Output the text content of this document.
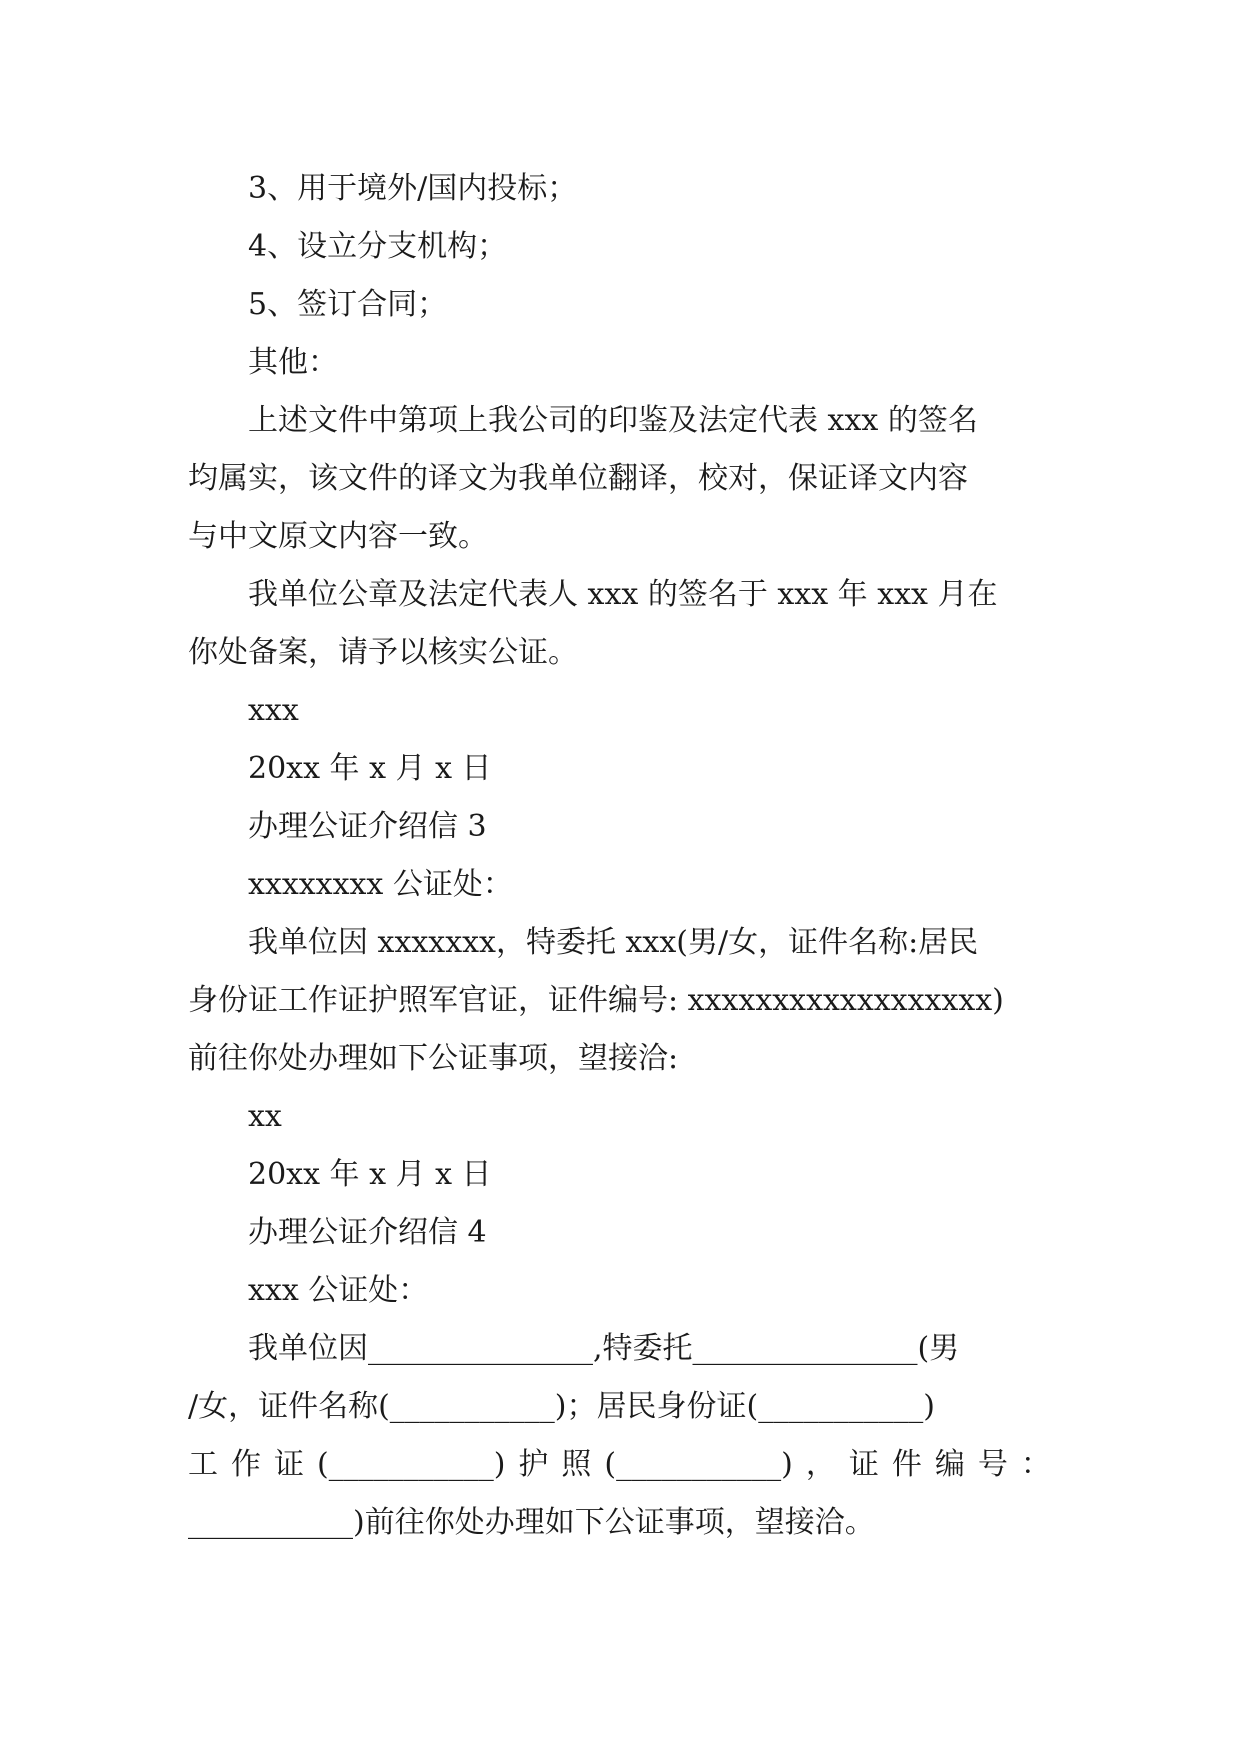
3、用于境外/国内投标；
4、设立分支机构；
5、签订合同；
其他：
上述文件中第项上我公司的印鉴及法定代表 xxx 的签名
均属实，该文件的译文为我单位翻译，校对，保证译文内容
与中文原文内容一致。
我单位公章及法定代表人 xxx 的签名于 xxx 年 xxx 月在
你处备案，请予以核实公证。
xxx
20xx 年 x 月 x 日
办理公证介绍信 3
xxxxxxxx 公证处：
我单位因 xxxxxxx，特委托 xxx(男/女，证件名称:居民
身份证工作证护照军官证，证件编号: xxxxxxxxxxxxxxxxxx)
前往你处办理如下公证事项，望接洽:
xx
20xx 年 x 月 x 日
办理公证介绍信 4
xxx 公证处：
我单位因_______________,特委托_______________(男
/女，证件名称(___________)；居民身份证(___________)
工 作 证 (___________) 护 照 (___________) ， 证 件 编 号 ：
___________)前往你处办理如下公证事项，望接洽。
